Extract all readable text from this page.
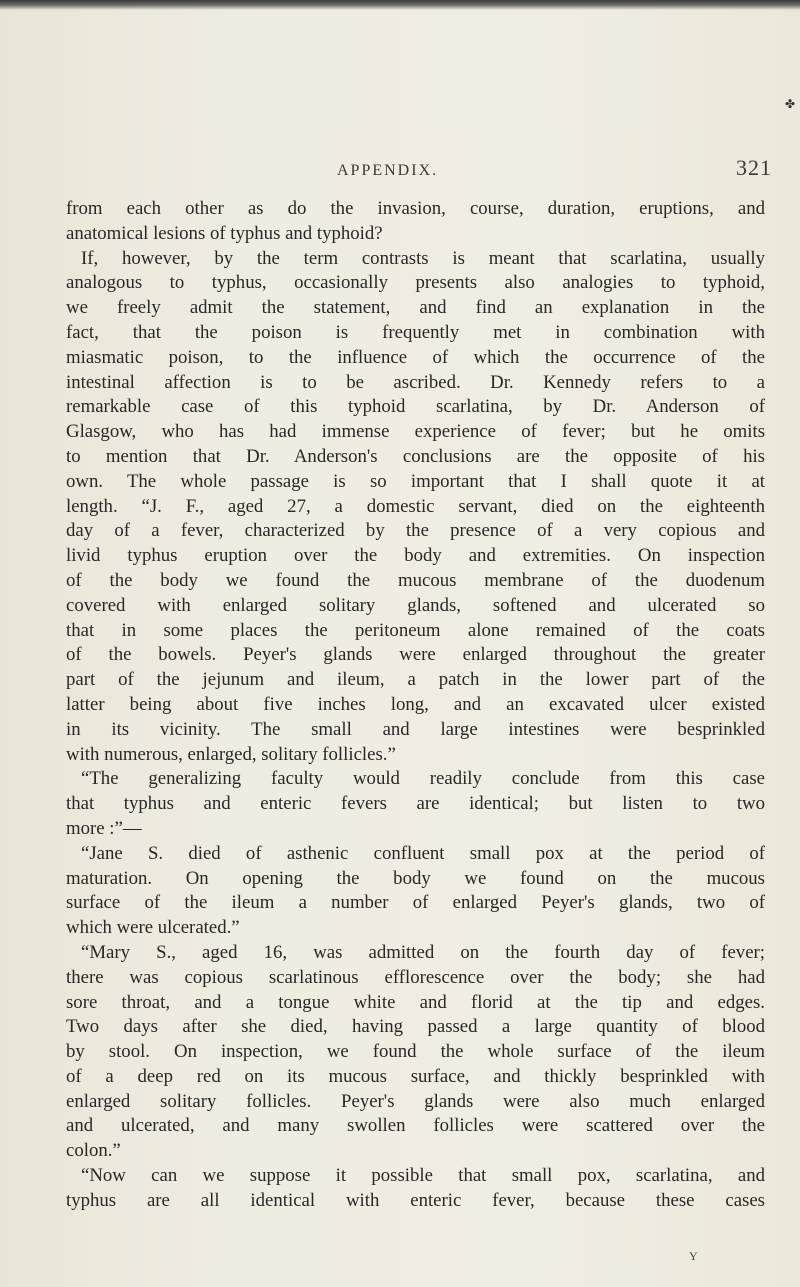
✤
APPENDIX.	321
from each other as do the invasion, course, duration, eruptions, and
anatomical lesions of typhus and typhoid?
If, however, by the term contrasts is meant that scarlatina, usually
analogous to typhus, occasionally presents also analogies to typhoid,
we freely admit the statement, and find an explanation in the
fact, that the poison is frequently met in combination with
miasmatic poison, to the influence of which the occurrence of the
intestinal affection is to be ascribed. Dr. Kennedy refers to a
remarkable case of this typhoid scarlatina, by Dr. Anderson of
Glasgow, who has had immense experience of fever; but he omits
to mention that Dr. Anderson's conclusions are the opposite of his
own. The whole passage is so important that I shall quote it at
length. “J. F., aged 27, a domestic servant, died on the eighteenth
day of a fever, characterized by the presence of a very copious and
livid typhus eruption over the body and extremities. On inspection
of the body we found the mucous membrane of the duodenum
covered with enlarged solitary glands, softened and ulcerated so
that in some places the peritoneum alone remained of the coats
of the bowels. Peyer's glands were enlarged throughout the greater
part of the jejunum and ileum, a patch in the lower part of the
latter being about five inches long, and an excavated ulcer existed
in its vicinity. The small and large intestines were besprinkled
with numerous, enlarged, solitary follicles.”
“The generalizing faculty would readily conclude from this case
that typhus and enteric fevers are identical; but listen to two
more :”—
“Jane S. died of asthenic confluent small pox at the period of
maturation. On opening the body we found on the mucous
surface of the ileum a number of enlarged Peyer's glands, two of
which were ulcerated.”
“Mary S., aged 16, was admitted on the fourth day of fever;
there was copious scarlatinous efflorescence over the body; she had
sore throat, and a tongue white and florid at the tip and edges.
Two days after she died, having passed a large quantity of blood
by stool. On inspection, we found the whole surface of the ileum
of a deep red on its mucous surface, and thickly besprinkled with
enlarged solitary follicles. Peyer's glands were also much enlarged
and ulcerated, and many swollen follicles were scattered over the
colon.”
“Now can we suppose it possible that small pox, scarlatina, and
typhus are all identical with enteric fever, because these cases
Y
